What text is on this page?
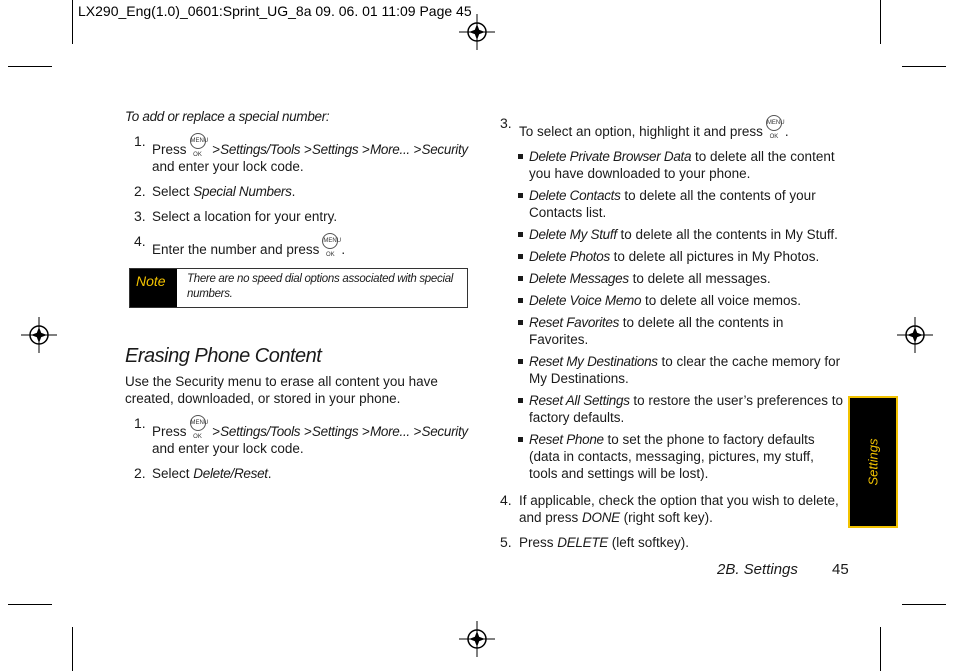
LX290_Eng(1.0)_0601:Sprint_UG_8a 09. 06. 01 11:09 Page 45
To add or replace a special number:
1.
PressMENU OK >Settings/Tools >Settings >More... >Security and enter your lock code.
2. Select Special Numbers.
3. Select a location for your entry.
4.
Enter the number and pressMENU OK .
Note	There are no speed dial options associated with special numbers.
Erasing Phone Content
Use the Security menu to erase all content you have created, downloaded, or stored in your phone.
1.
PressMENU OK >Settings/Tools >Settings >More... >Security and enter your lock code.
2. Select Delete/Reset.
3.
To select an option, highlight it and pressMENU OK .
Delete Private Browser Data to delete all the content you have downloaded to your phone.
Delete Contacts to delete all the contents of your Contacts list.
Delete My Stuff to delete all the contents in My Stuff.
Delete Photos to delete all pictures in My Photos.
Delete Messages to delete all messages.
Delete Voice Memo to delete all voice memos.
Reset Favorites to delete all the contents in Favorites.
Reset My Destinations to clear the cache memory for My Destinations.
Reset All Settings to restore the user’s preferences to factory defaults.
Reset Phone to set the phone to factory defaults (data in contacts, messaging, pictures, my stuff, tools and settings will be lost).
4. If applicable, check the option that you wish to delete, and press DONE (right soft key).
5. Press DELETE (left softkey).
2B. Settings 45
Settings
